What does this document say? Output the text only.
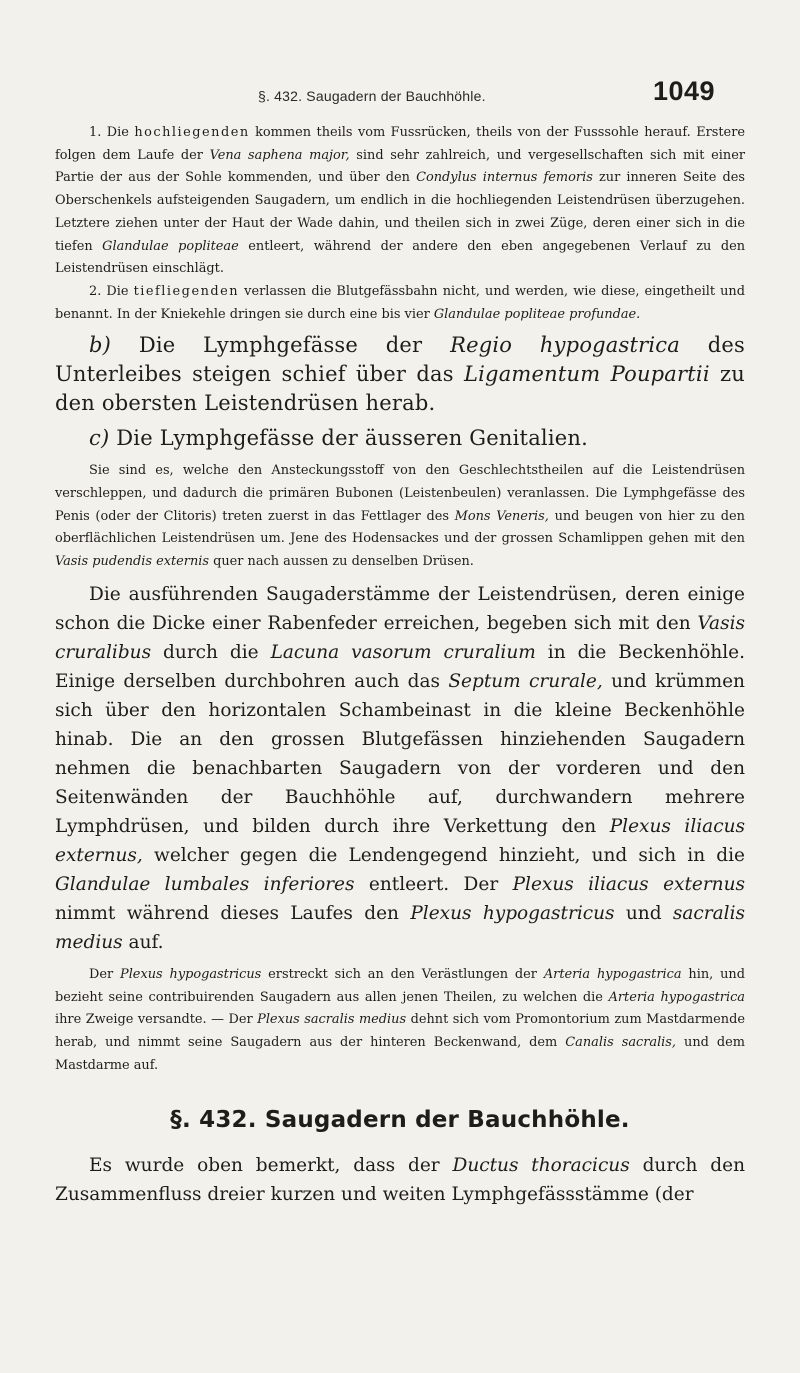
§. 432. Saugadern der Bauchhöhle.	1049

1. Die hochliegenden kommen theils vom Fussrücken, theils von der Fusssohle herauf. Erstere folgen dem Laufe der Vena saphena major, sind sehr zahlreich, und vergesellschaften sich mit einer Partie der aus der Sohle kommenden, und über den Condylus internus femoris zur inneren Seite des Oberschenkels aufsteigenden Saugadern, um endlich in die hochliegenden Leistendrüsen überzugehen. Letztere ziehen unter der Haut der Wade dahin, und theilen sich in zwei Züge, deren einer sich in die tiefen Glandulae popliteae entleert, während der andere den eben angegebenen Verlauf zu den Leistendrüsen einschlägt.

2. Die tiefliegenden verlassen die Blutgefässbahn nicht, und werden, wie diese, eingetheilt und benannt. In der Kniekehle dringen sie durch eine bis vier Glandulae popliteae profundae.

b) Die Lymphgefässe der Regio hypogastrica des Unterleibes steigen schief über das Ligamentum Poupartii zu den obersten Leistendrüsen herab.

c) Die Lymphgefässe der äusseren Genitalien.

Sie sind es, welche den Ansteckungsstoff von den Geschlechtstheilen auf die Leistendrüsen verschleppen, und dadurch die primären Bubonen (Leistenbeulen) veranlassen. Die Lymphgefässe des Penis (oder der Clitoris) treten zuerst in das Fettlager des Mons Veneris, und beugen von hier zu den oberflächlichen Leistendrüsen um. Jene des Hodensackes und der grossen Schamlippen gehen mit den Vasis pudendis externis quer nach aussen zu denselben Drüsen.

Die ausführenden Saugaderstämme der Leistendrüsen, deren einige schon die Dicke einer Rabenfeder erreichen, begeben sich mit den Vasis cruralibus durch die Lacuna vasorum cruralium in die Beckenhöhle. Einige derselben durchbohren auch das Septum crurale, und krümmen sich über den horizontalen Schambeinast in die kleine Beckenhöhle hinab. Die an den grossen Blutgefässen hinziehenden Saugadern nehmen die benachbarten Saugadern von der vorderen und den Seitenwänden der Bauchhöhle auf, durchwandern mehrere Lymphdrüsen, und bilden durch ihre Verkettung den Plexus iliacus externus, welcher gegen die Lendengegend hinzieht, und sich in die Glandulae lumbales inferiores entleert. Der Plexus iliacus externus nimmt während dieses Laufes den Plexus hypogastricus und sacralis medius auf.

Der Plexus hypogastricus erstreckt sich an den Verästlungen der Arteria hypogastrica hin, und bezieht seine contribuirenden Saugadern aus allen jenen Theilen, zu welchen die Arteria hypogastrica ihre Zweige versandte. — Der Plexus sacralis medius dehnt sich vom Promontorium zum Mastdarmende herab, und nimmt seine Saugadern aus der hinteren Beckenwand, dem Canalis sacralis, und dem Mastdarme auf.

§. 432. Saugadern der Bauchhöhle.

Es wurde oben bemerkt, dass der Ductus thoracicus durch den Zusammenfluss dreier kurzen und weiten Lymphgefässstämme (der
